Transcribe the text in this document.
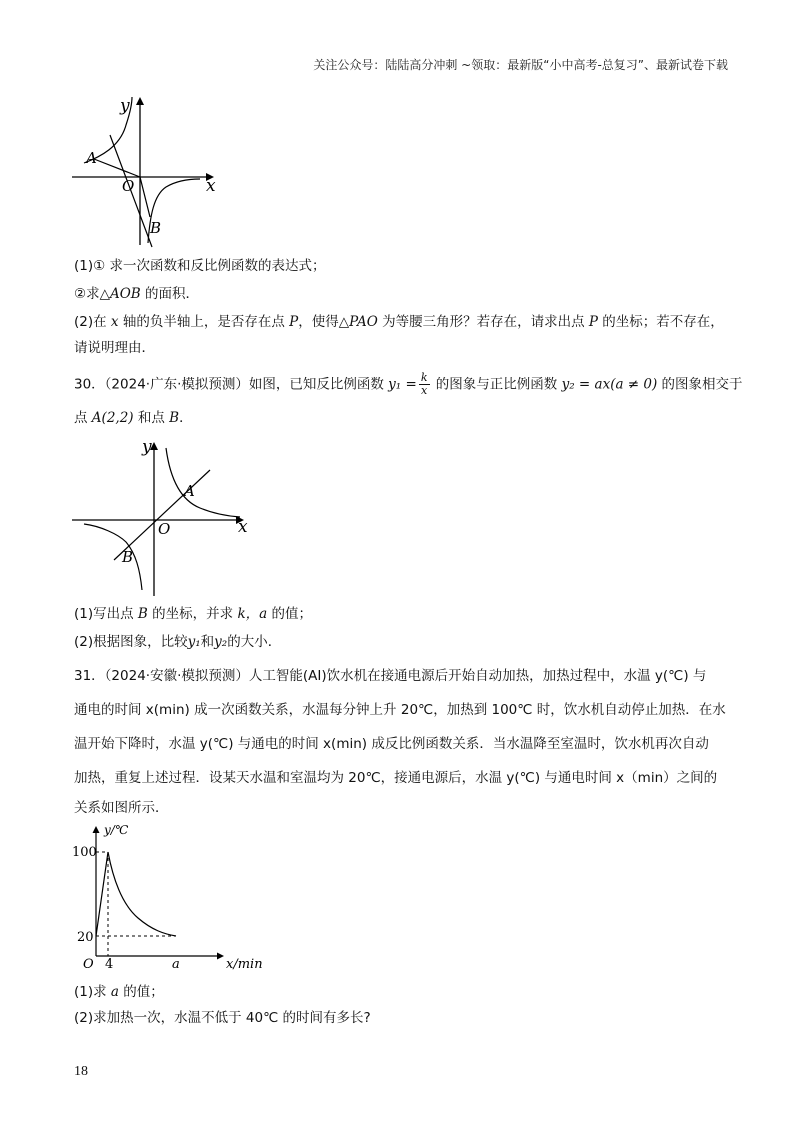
关注公众号：陆陆高分冲刺 ~领取：最新版“小中高考-总复习”、最新试卷下载
y
x
A
O
B
(1)① 求一次函数和反比例函数的表达式；
②求△AOB 的面积．
(2)在 x 轴的负半轴上，是否存在点 P，使得△PAO 为等腰三角形？若存在，请求出点 P 的坐标；若不存在，
请说明理由．
30．（2024·广东·模拟预测）如图，已知反比例函数 $y_1 = \frac{k}{x}$ 的图象与正比例函数 y₂ = ax(a ≠ 0) 的图象相交于
点 A(2,2) 和点 B．
y
x
A
O
B
(1)写出点 B 的坐标，并求 k，a 的值；
(2)根据图象，比较y₁和y₂的大小．
31．（2024·安徽·模拟预测）人工智能(AI)饮水机在接通电源后开始自动加热，加热过程中，水温 y(℃) 与
通电的时间 x(min) 成一次函数关系，水温每分钟上升 20℃，加热到 100℃ 时，饮水机自动停止加热．在水
温开始下降时，水温 y(℃) 与通电的时间 x(min) 成反比例函数关系．当水温降至室温时，饮水机再次自动
加热，重复上述过程．设某天水温和室温均为 20℃，接通电源后，水温 y(℃) 与通电时间 x（min）之间的
关系如图所示．
y/℃
100
20
O 4	a	x/min
(1)求 a 的值；
(2)求加热一次，水温不低于 40℃ 的时间有多长?
18
